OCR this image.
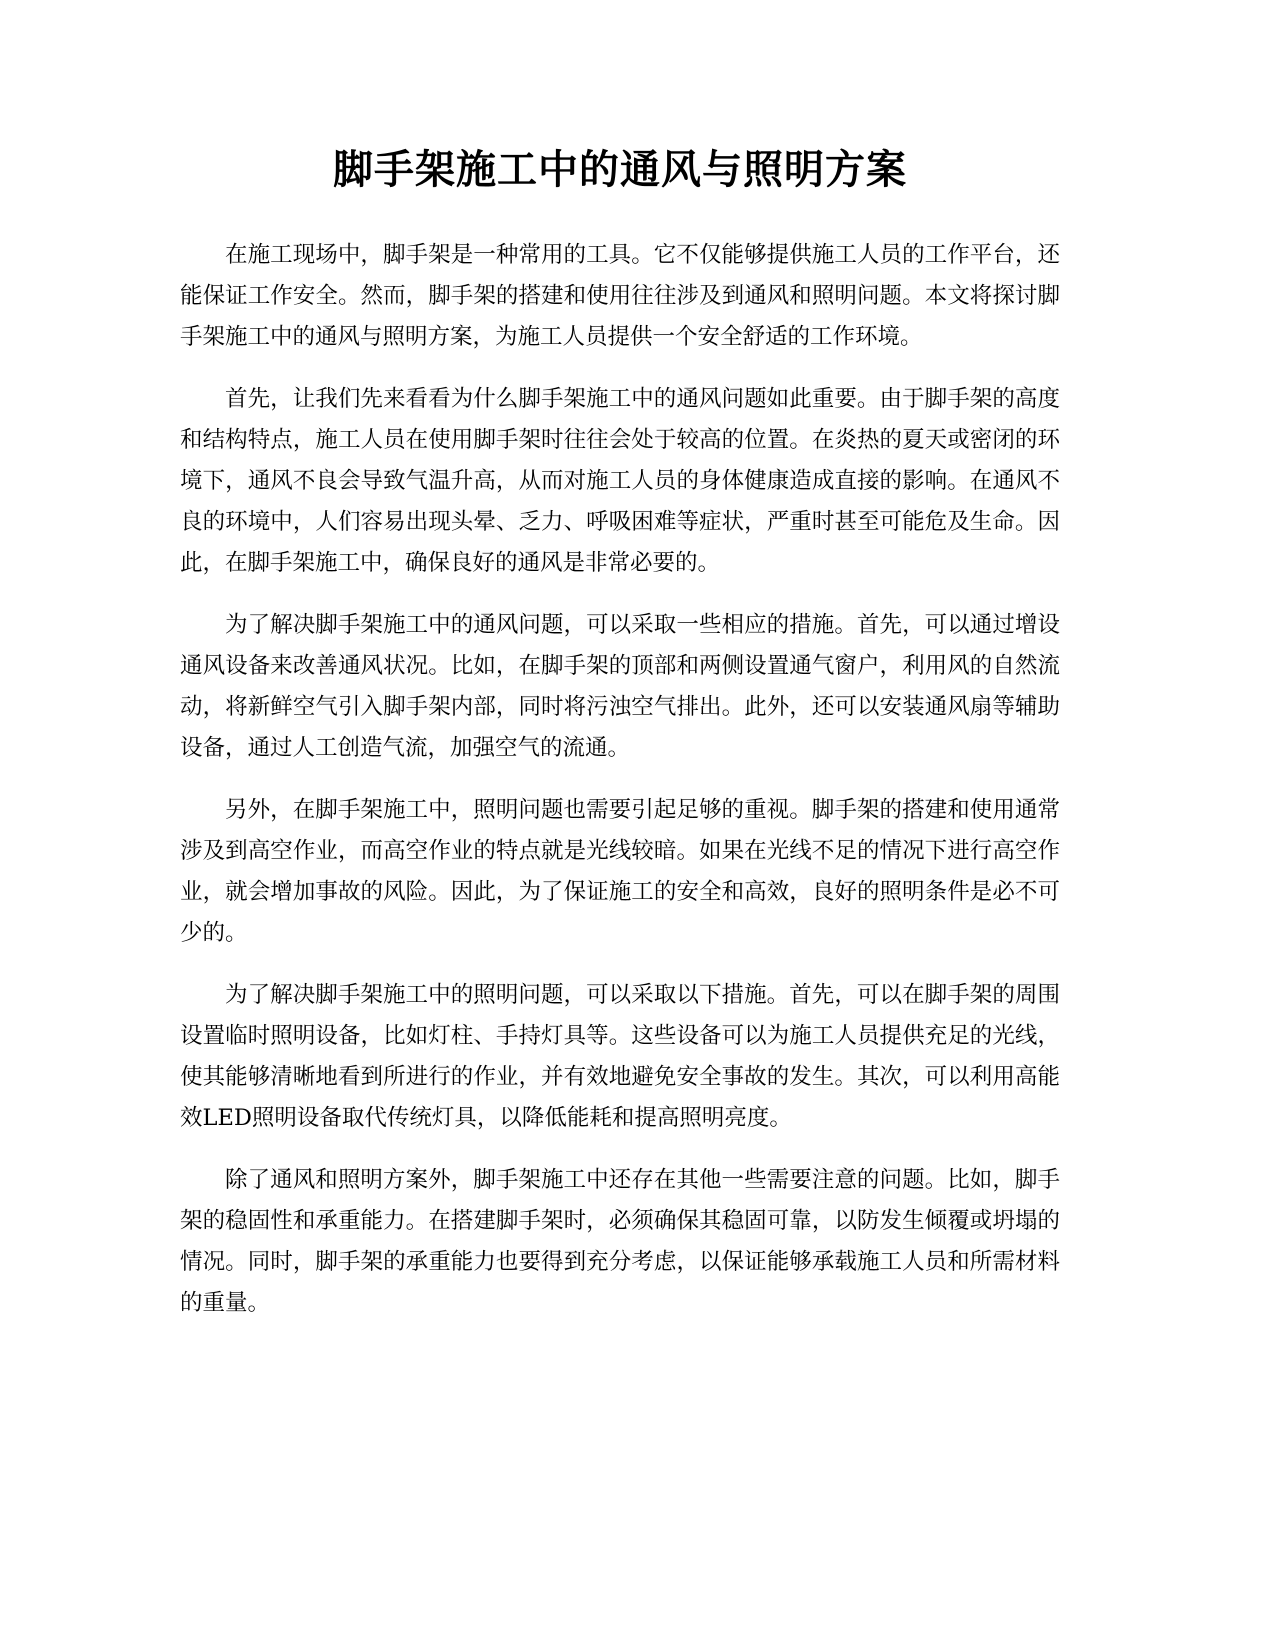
脚手架施工中的通风与照明方案

在施工现场中，脚手架是一种常用的工具。它不仅能够提供施工人员的工作平台，还能保证工作安全。然而，脚手架的搭建和使用往往涉及到通风和照明问题。本文将探讨脚手架施工中的通风与照明方案，为施工人员提供一个安全舒适的工作环境。

首先，让我们先来看看为什么脚手架施工中的通风问题如此重要。由于脚手架的高度和结构特点，施工人员在使用脚手架时往往会处于较高的位置。在炎热的夏天或密闭的环境下，通风不良会导致气温升高，从而对施工人员的身体健康造成直接的影响。在通风不良的环境中，人们容易出现头晕、乏力、呼吸困难等症状，严重时甚至可能危及生命。因此，在脚手架施工中，确保良好的通风是非常必要的。

为了解决脚手架施工中的通风问题，可以采取一些相应的措施。首先，可以通过增设通风设备来改善通风状况。比如，在脚手架的顶部和两侧设置通气窗户，利用风的自然流动，将新鲜空气引入脚手架内部，同时将污浊空气排出。此外，还可以安装通风扇等辅助设备，通过人工创造气流，加强空气的流通。

另外，在脚手架施工中，照明问题也需要引起足够的重视。脚手架的搭建和使用通常涉及到高空作业，而高空作业的特点就是光线较暗。如果在光线不足的情况下进行高空作业，就会增加事故的风险。因此，为了保证施工的安全和高效，良好的照明条件是必不可少的。

为了解决脚手架施工中的照明问题，可以采取以下措施。首先，可以在脚手架的周围设置临时照明设备，比如灯柱、手持灯具等。这些设备可以为施工人员提供充足的光线，使其能够清晰地看到所进行的作业，并有效地避免安全事故的发生。其次，可以利用高能效LED照明设备取代传统灯具，以降低能耗和提高照明亮度。

除了通风和照明方案外，脚手架施工中还存在其他一些需要注意的问题。比如，脚手架的稳固性和承重能力。在搭建脚手架时，必须确保其稳固可靠，以防发生倾覆或坍塌的情况。同时，脚手架的承重能力也要得到充分考虑，以保证能够承载施工人员和所需材料的重量。
